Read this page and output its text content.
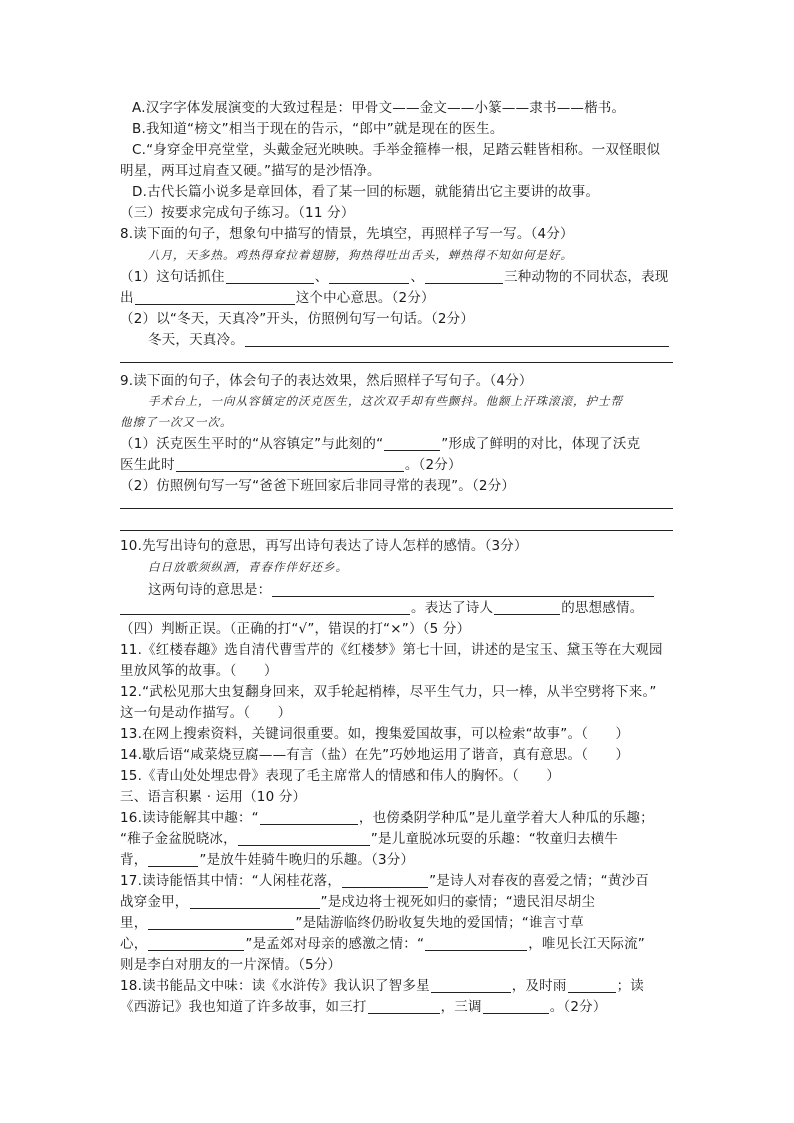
A.汉字字体发展演变的大致过程是：甲骨文——金文——小篆——隶书——楷书。
B.我知道“榜文”相当于现在的告示，“郎中”就是现在的医生。
C.“身穿金甲亮堂堂，头戴金冠光映映。手举金箍棒一根，足踏云鞋皆相称。一双怪眼似
明星，两耳过肩查又硬。”描写的是沙悟净。
D.古代长篇小说多是章回体，看了某一回的标题，就能猜出它主要讲的故事。
（三）按要求完成句子练习。（11 分）
8.读下面的句子，想象句中描写的情景，先填空，再照样子写一写。（4分）
八月，天多热。鸡热得耷拉着翅膀，狗热得吐出舌头，蝉热得不知如何是好。
（1）这句话抓住	、	、	三种动物的不同状态，表现
出	这个中心意思。（2分）
（2）以“冬天，天真冷”开头，仿照例句写一句话。（2分）
冬天，天真冷。
9.读下面的句子，体会句子的表达效果，然后照样子写句子。（4分）
手术台上，一向从容镇定的沃克医生，这次双手却有些颤抖。他额上汗珠滚滚，护士帮
他擦了一次又一次。
（1）沃克医生平时的“从容镇定”与此刻的“	”形成了鲜明的对比，体现了沃克
医生此时	。（2分）
（2）仿照例句写一写“爸爸下班回家后非同寻常的表现”。（2分）
10.先写出诗句的意思，再写出诗句表达了诗人怎样的感情。（3分）
白日放歌须纵酒，青春作伴好还乡。
这两句诗的意思是：
。表达了诗人	的思想感情。
（四）判断正误。（正确的打“√”，错误的打“×”）（5 分）
11.《红楼春趣》选自清代曹雪芹的《红楼梦》第七十回，讲述的是宝玉、黛玉等在大观园
里放风筝的故事。（　　）
12.“武松见那大虫复翻身回来，双手轮起梢棒，尽平生气力，只一棒，从半空劈将下来。”
这一句是动作描写。（　　）
13.在网上搜索资料，关键词很重要。如，搜集爱国故事，可以检索“故事”。（　　）
14.歇后语“咸菜烧豆腐——有言（盐）在先”巧妙地运用了谐音，真有意思。（　　）
15.《青山处处埋忠骨》表现了毛主席常人的情感和伟人的胸怀。（　　）
三、语言积累 · 运用（10 分）
16.读诗能解其中趣：“	，也傍桑阴学种瓜”是儿童学着大人种瓜的乐趣；
“稚子金盆脱晓冰，	”是儿童脱冰玩耍的乐趣：“牧童归去横牛
背，	”是放牛娃骑牛晚归的乐趣。（3分）
17.读诗能悟其中情：“人闲桂花落，	”是诗人对春夜的喜爱之情；“黄沙百
战穿金甲，	”是戍边将士视死如归的豪情；“遗民泪尽胡尘
里，	”是陆游临终仍盼收复失地的爱国情；“谁言寸草
心，	”是孟郊对母亲的感激之情：“	，唯见长江天际流”
则是李白对朋友的一片深情。（5分）
18.读书能品文中味：读《水浒传》我认识了智多星	，及时雨	；读
《西游记》我也知道了许多故事，如三打	，三调	。（2分）
